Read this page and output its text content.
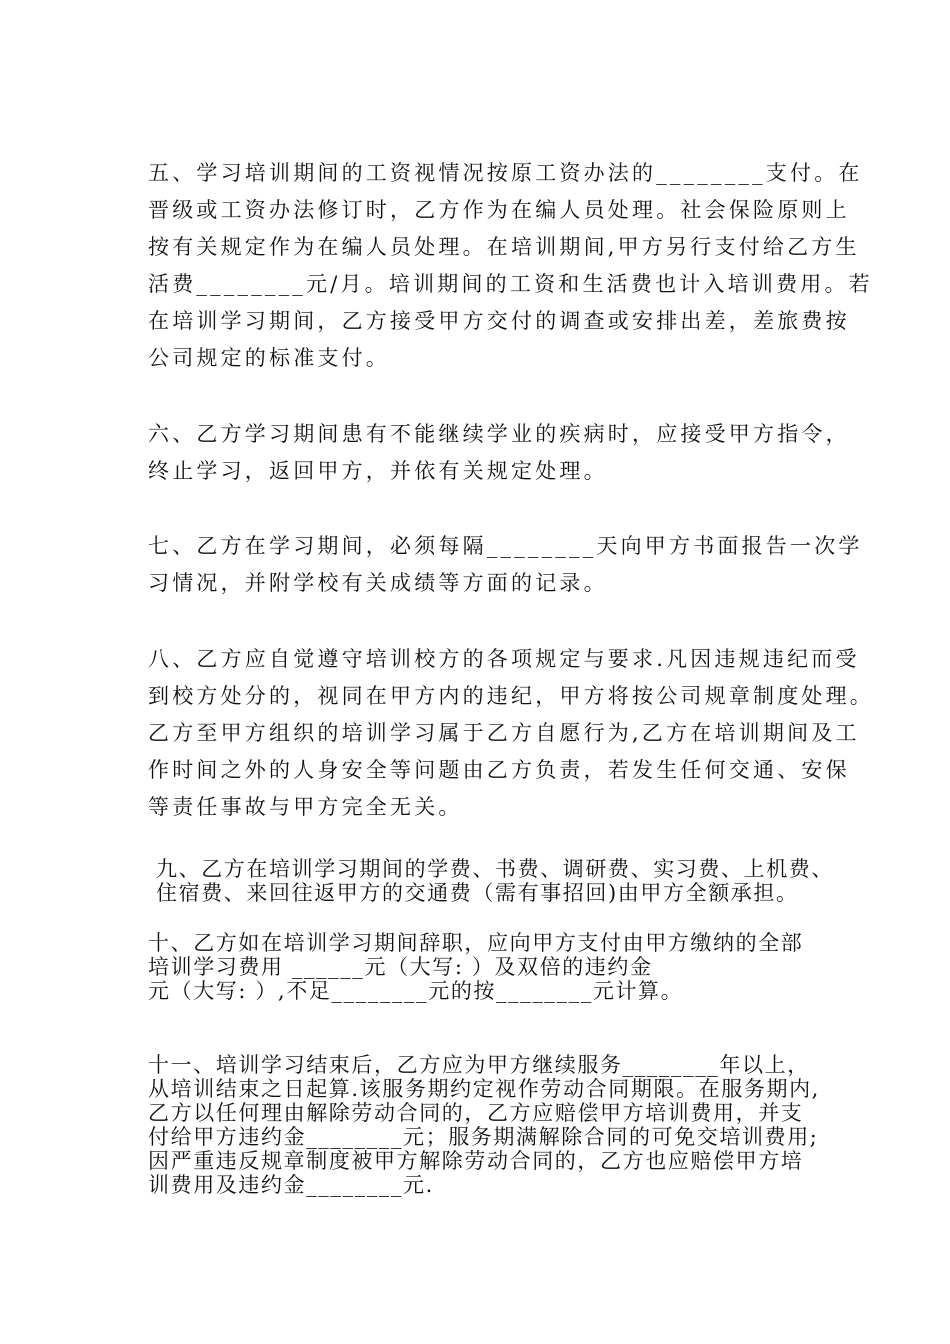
五、学习培训期间的工资视情况按原工资办法的________支付。在
晋级或工资办法修订时，乙方作为在编人员处理。社会保险原则上
按有关规定作为在编人员处理。在培训期间,甲方另行支付给乙方生
活费________元/月。培训期间的工资和生活费也计入培训费用。若
在培训学习期间，乙方接受甲方交付的调查或安排出差，差旅费按
公司规定的标准支付。
六、乙方学习期间患有不能继续学业的疾病时，应接受甲方指令，
终止学习，返回甲方，并依有关规定处理。
七、乙方在学习期间，必须每隔________天向甲方书面报告一次学
习情况，并附学校有关成绩等方面的记录。
八、乙方应自觉遵守培训校方的各项规定与要求.凡因违规违纪而受
到校方处分的，视同在甲方内的违纪，甲方将按公司规章制度处理。
乙方至甲方组织的培训学习属于乙方自愿行为,乙方在培训期间及工
作时间之外的人身安全等问题由乙方负责，若发生任何交通、安保
等责任事故与甲方完全无关。
九、乙方在培训学习期间的学费、书费、调研费、实习费、上机费、
住宿费、来回往返甲方的交通费（需有事招回)由甲方全额承担。
十、乙方如在培训学习期间辞职，应向甲方支付由甲方缴纳的全部
培训学习费用 ______元（大写: ）及双倍的违约金
元（大写: ）,不足________元的按________元计算。
十一、培训学习结束后，乙方应为甲方继续服务________年以上，
从培训结束之日起算.该服务期约定视作劳动合同期限。在服务期内,
乙方以任何理由解除劳动合同的，乙方应赔偿甲方培训费用，并支
付给甲方违约金________元；服务期满解除合同的可免交培训费用;
因严重违反规章制度被甲方解除劳动合同的，乙方也应赔偿甲方培
训费用及违约金________元.
